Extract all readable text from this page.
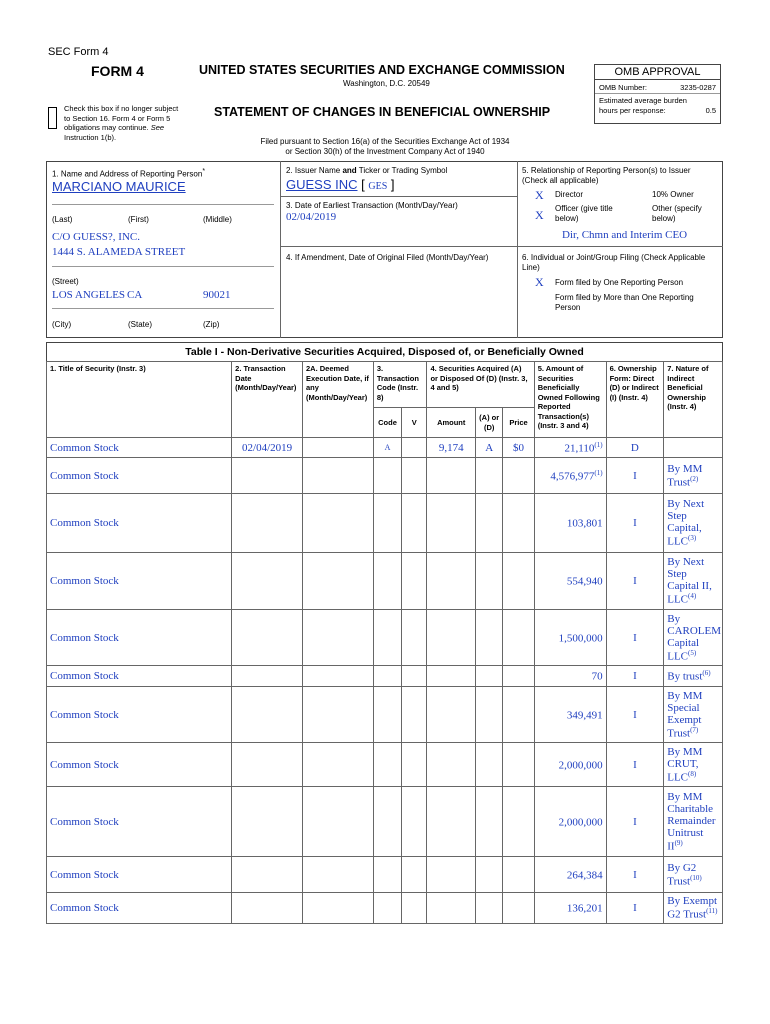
SEC Form 4
FORM 4	UNITED STATES SECURITIES AND EXCHANGE COMMISSION
Washington, D.C. 20549
Check this box if no longer subject
to Section 16. Form 4 or Form 5
obligations may continue. See
Instruction 1(b).
STATEMENT OF CHANGES IN BENEFICIAL OWNERSHIP
Filed pursuant to Section 16(a) of the Securities Exchange Act of 1934
or Section 30(h) of the Investment Company Act of 1940
OMB APPROVAL
OMB Number:	3235-0287
Estimated average burden
hours per response:	0.5
1. Name and Address of Reporting Person*
MARCIANO MAURICE
(Last)	(First)	(Middle)
C/O GUESS?, INC.
1444 S. ALAMEDA STREET
(Street)
LOS ANGELES CA	90021
(City)	(State)	(Zip)
2. Issuer Name and Ticker or Trading Symbol
GUESS INC [ GES ]
3. Date of Earliest Transaction (Month/Day/Year)
02/04/2019
4. If Amendment, Date of Original Filed (Month/Day/Year)
5. Relationship of Reporting Person(s) to Issuer
(Check all applicable)
X Director	10% Owner
X Officer (give title
below)
Other (specify
below)
Dir, Chmn and Interim CEO
6. Individual or Joint/Group Filing (Check Applicable
Line)
X Form filed by One Reporting Person
Form filed by More than One Reporting
Person
Table I - Non-Derivative Securities Acquired, Disposed of, or Beneficially Owned
1. Title of Security (Instr. 3)	2. Transaction Date (Month/Day/Year)	2A. Deemed Execution Date, if any (Month/Day/Year)	3. Transaction Code (Instr. 8)		4. Securities Acquired (A) or Disposed Of (D) (Instr. 3, 4 and 5)			5. Amount of Securities Beneficially Owned Following Reported Transaction(s) (Instr. 3 and 4)	6. Ownership Form: Direct (D) or Indirect (I) (Instr. 4)	7. Nature of Indirect Beneficial Ownership (Instr. 4)
			Code	V	Amount	(A) or (D)	Price			
Common Stock	02/04/2019		A		9,174	A	$0	21,110$^{(1)}$	D	
Common Stock								4,576,977$^{(1)}$	I	By MM Trust$^{(2)}$
Common Stock								103,801	I	By Next Step Capital, LLC$^{(3)}$
Common Stock								554,940	I	By Next Step Capital II, LLC$^{(4)}$
Common Stock								1,500,000	I	By CAROLEM Capital LLC$^{(5)}$
Common Stock								70	I	By trust$^{(6)}$
Common Stock								349,491	I	By MM Special Exempt Trust$^{(7)}$
Common Stock								2,000,000	I	By MM CRUT, LLC$^{(8)}$
Common Stock								2,000,000	I	By MM Charitable Remainder Unitrust II$^{(9)}$
Common Stock								264,384	I	By G2 Trust$^{(10)}$
Common Stock								136,201	I	By Exempt G2 Trust$^{(11)}$
